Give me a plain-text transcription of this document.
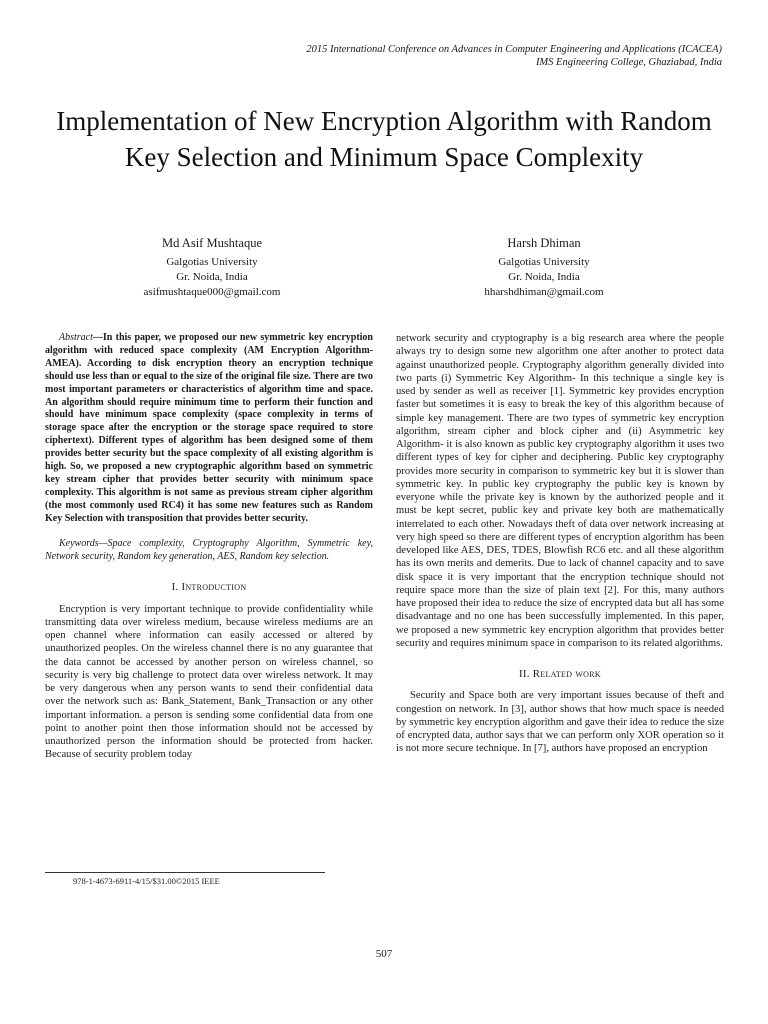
2015 International Conference on Advances in Computer Engineering and Applications (ICACEA)
IMS Engineering College, Ghaziabad, India
Implementation of New Encryption Algorithm with Random Key Selection and Minimum Space Complexity
Md Asif Mushtaque
Galgotias University
Gr. Noida, India
asifmushtaque000@gmail.com
Harsh Dhiman
Galgotias University
Gr. Noida, India
hharshdhiman@gmail.com

Abstract—In this paper, we proposed our new symmetric key encryption algorithm with reduced space complexity (AM Encryption Algorithm- AMEA). According to disk encryption theory an encryption technique should use less than or equal to the size of the original file size. There are two most important parameters or characteristics of algorithm time and space. An algorithm should require minimum time to perform their function and should have minimum space complexity (space complexity in terms of storage space after the encryption or the storage space required to store ciphertext). Different types of algorithm has been designed some of them provides better security but the space complexity of all existing algorithm is high. So, we proposed a new cryptographic algorithm based on symmetric key stream cipher that provides better security with minimum space complexity. This algorithm is not same as previous stream cipher algorithm (the most commonly used RC4) it has some new features such as Random Key Selection with transposition that provides better security.

Keywords—Space complexity, Cryptography Algorithm, Symmetric key, Network security, Random key generation, AES, Random key selection.

I. Introduction

Encryption is very important technique to provide confidentiality while transmitting data over wireless medium, because wireless mediums are an open channel where information can easily accessed or altered by unauthorized peoples. On the wireless channel there is no any guarantee that the data cannot be accessed by another person on wireless channel, so security is very big challenge to protect data over wireless network. It may be very dangerous when any person wants to send their confidential data over the network such as: Bank_Statement, Bank_Transaction or any other important information. a person is sending some confidential data from one point to another point then those information should not be accessed by unauthorized person the information should be protected from hacker. Because of security problem today

network security and cryptography is a big research area where the people always try to design some new algorithm one after another to protect data against unauthorized people. Cryptography algorithm generally divided into two parts (i) Symmetric Key Algorithm- In this technique a single key is used by sender as well as receiver [1]. Symmetric key provides encryption faster but sometimes it is easy to break the key of this algorithm because of simple key management. There are two types of symmetric key encryption algorithm, stream cipher and block cipher and (ii) Asymmetric key Algorithm- it is also known as public key cryptography algorithm it uses two different types of key for cipher and deciphering. Public key cryptography provides more security in comparison to symmetric key but it is slower than symmetric key. In public key cryptography the public key is known by everyone while the private key is known by the authorized people and it must be kept secret, public key and private key both are mathematically interrelated to each other. Nowadays theft of data over network increasing at very high speed so there are different types of encryption algorithm has been developed like AES, DES, TDES, Blowfish RC6 etc. and all these algorithm has its own merits and demerits. Due to lack of channel capacity and to save disk space it is very important that the encryption technique should not require space more than the size of plain text [2]. For this, many authors have proposed their idea to reduce the size of encrypted data but all has some disadvantage and no one has been successfully implemented. In this paper, we proposed a new symmetric key encryption algorithm that provides better security and requires minimum space in comparison to its related algorithms.

II. Related work

Security and Space both are very important issues because of theft and congestion on network. In [3], author shows that how much space is needed by symmetric key encryption algorithm and gave their idea to reduce the size of encrypted data, author says that we can perform only XOR operation so it is not more secure technique. In [7], authors have proposed an encryption

978-1-4673-6911-4/15/$31.00©2015 IEEE
507
